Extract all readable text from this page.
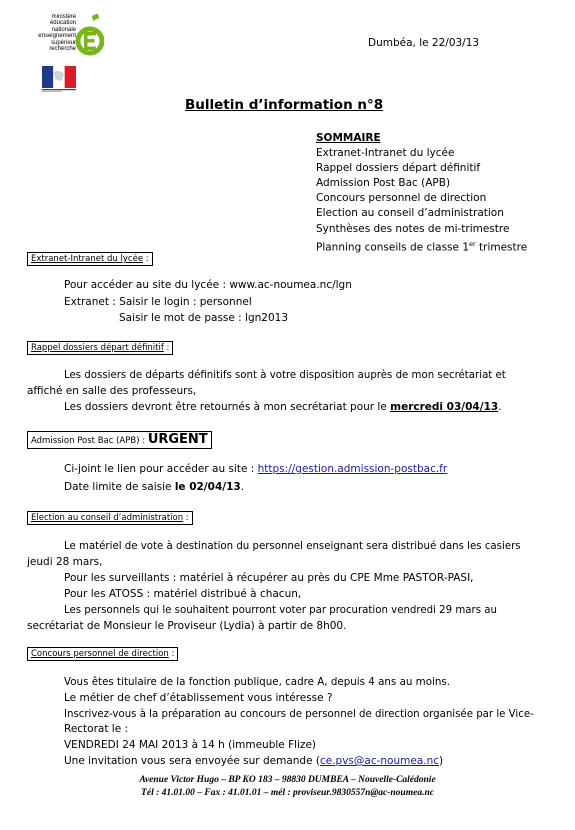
ministère
éducation
nationale
enseignement
supérieur
recherche
Dumbéa, le 22/03/13
Bulletin d’information n°8
SOMMAIRE
Extranet-Intranet du lycée
Rappel dossiers départ définitif
Admission Post Bac (APB)
Concours personnel de direction
Election au conseil d’administration
Synthèses des notes de mi-trimestre
Planning conseils de classe 1er trimestre
Extranet-Intranet du lycée :
Pour accéder au site du lycée : www.ac-noumea.nc/lgn
Extranet : Saisir le login : personnel
Saisir le mot de passe : lgn2013
Rappel dossiers départ définitif :
Les dossiers de départs définitifs sont à votre disposition auprès de mon secrétariat et
affiché en salle des professeurs,
Les dossiers devront être retournés à mon secrétariat pour le mercredi 03/04/13.
Admission Post Bac (APB) : URGENT
Ci-joint le lien pour accéder au site : https://gestion.admission-postbac.fr
Date limite de saisie le 02/04/13.
Election au conseil d’administration :
Le matériel de vote à destination du personnel enseignant sera distribué dans les casiers
jeudi 28 mars,
Pour les surveillants : matériel à récupérer au près du CPE Mme PASTOR-PASI,
Pour les ATOSS : matériel distribué à chacun,
Les personnels qui le souhaitent pourront voter par procuration vendredi 29 mars au
secrétariat de Monsieur le Proviseur (Lydia) à partir de 8h00.
Concours personnel de direction :
Vous êtes titulaire de la fonction publique, cadre A, depuis 4 ans au moins.
Le métier de chef d’établissement vous intéresse ?
Inscrivez-vous à la préparation au concours de personnel de direction organisée par le Vice-
Rectorat le :
VENDREDI 24 MAI 2013 à 14 h (immeuble Flize)
Une invitation vous sera envoyée sur demande (ce.pvs@ac-noumea.nc)
Avenue Victor Hugo – BP KO 183 – 98830 DUMBEA – Nouvelle-Calédonie
Tél : 41.01.00 – Fax : 41.01.01 – mél : proviseur.9830557n@ac-noumea.nc
